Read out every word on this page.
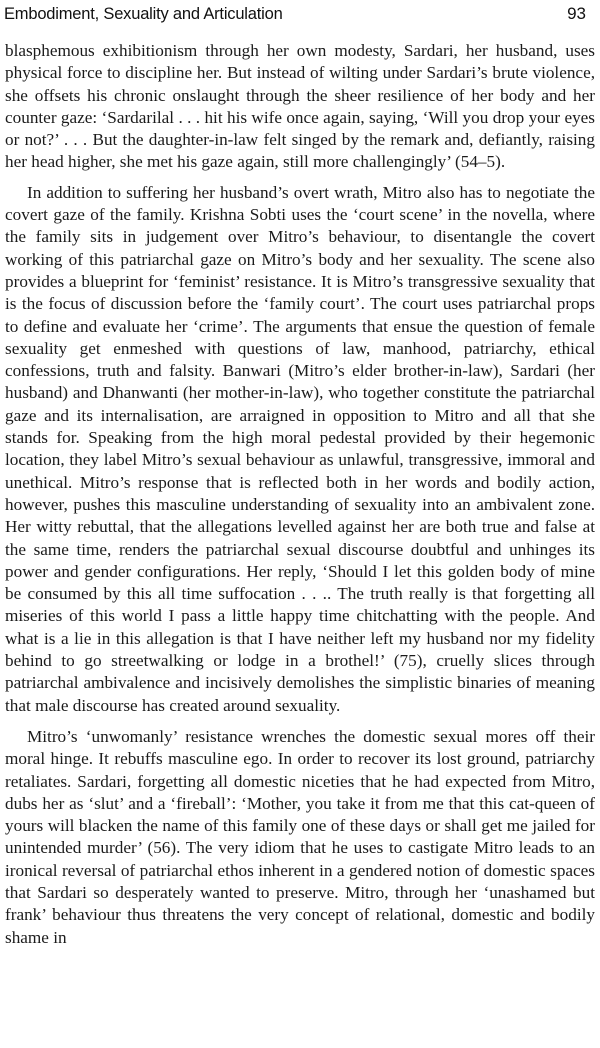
Embodiment, Sexuality and Articulation	93

blasphemous exhibitionism through her own modesty, Sardari, her husband, uses physical force to discipline her. But instead of wilting under Sardari’s brute violence, she offsets his chronic onslaught through the sheer resilience of her body and her counter gaze: ‘Sardarilal . . . hit his wife once again, saying, ‘Will you drop your eyes or not?’ . . . But the daughter-in-law felt singed by the remark and, defiantly, raising her head higher, she met his gaze again, still more challengingly’ (54–5).

In addition to suffering her husband’s overt wrath, Mitro also has to negotiate the covert gaze of the family. Krishna Sobti uses the ‘court scene’ in the novella, where the family sits in judgement over Mitro’s behaviour, to disentangle the covert working of this patriarchal gaze on Mitro’s body and her sexuality. The scene also provides a blueprint for ‘feminist’ resistance. It is Mitro’s transgressive sexuality that is the focus of discussion before the ‘family court’. The court uses patriarchal props to define and evaluate her ‘crime’. The arguments that ensue the question of female sexuality get enmeshed with questions of law, manhood, patriarchy, ethical confessions, truth and falsity. Banwari (Mitro’s elder brother-in-law), Sardari (her husband) and Dhanwanti (her mother-in-law), who together constitute the patriarchal gaze and its internalisation, are arraigned in opposition to Mitro and all that she stands for. Speaking from the high moral pedestal provided by their hegemonic location, they label Mitro’s sexual behaviour as unlawful, transgressive, immoral and unethical. Mitro’s response that is reflected both in her words and bodily action, however, pushes this masculine understanding of sexuality into an ambivalent zone. Her witty rebuttal, that the allegations levelled against her are both true and false at the same time, renders the patriarchal sexual discourse doubtful and unhinges its power and gender configurations. Her reply, ‘Should I let this golden body of mine be consumed by this all time suffocation . . .. The truth really is that forgetting all miseries of this world I pass a little happy time chitchatting with the people. And what is a lie in this allegation is that I have neither left my husband nor my fidelity behind to go streetwalking or lodge in a brothel!’ (75), cruelly slices through patriarchal ambivalence and incisively demolishes the simplistic binaries of meaning that male discourse has created around sexuality.

Mitro’s ‘unwomanly’ resistance wrenches the domestic sexual mores off their moral hinge. It rebuffs masculine ego. In order to recover its lost ground, patriarchy retaliates. Sardari, forgetting all domestic niceties that he had expected from Mitro, dubs her as ‘slut’ and a ‘fireball’: ‘Mother, you take it from me that this cat-queen of yours will blacken the name of this family one of these days or shall get me jailed for unintended murder’ (56). The very idiom that he uses to castigate Mitro leads to an ironical reversal of patriarchal ethos inherent in a gendered notion of domestic spaces that Sardari so desperately wanted to preserve. Mitro, through her ‘unashamed but frank’ behaviour thus threatens the very concept of relational, domestic and bodily shame in
